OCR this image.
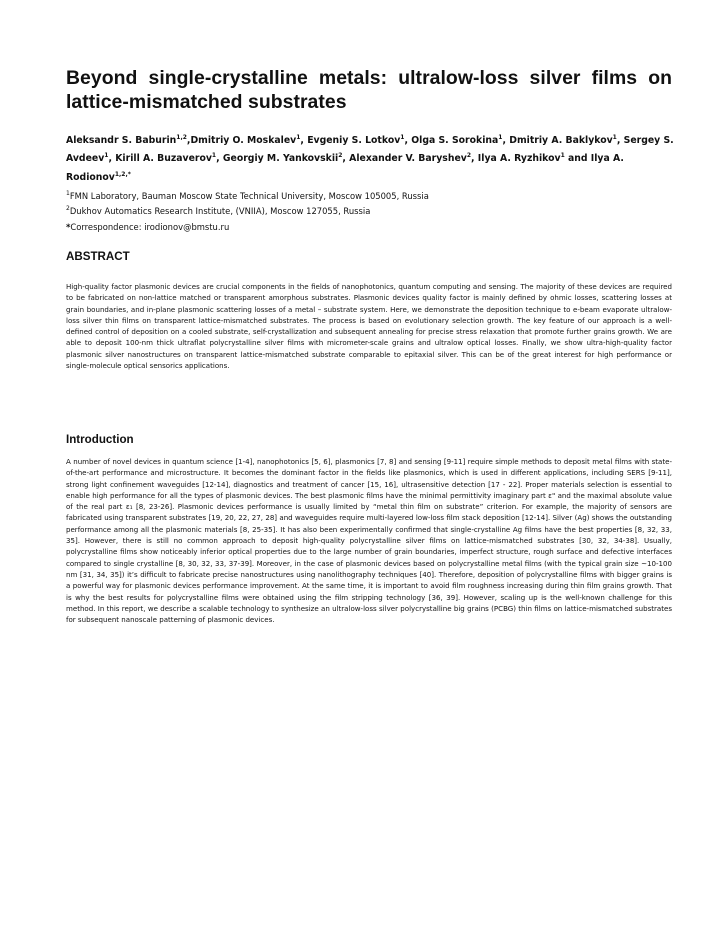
Beyond single-crystalline metals: ultralow-loss silver films on lattice-mismatched substrates

Aleksandr S. Baburin$^{1,2}$,Dmitriy O. Moskalev$^1$, Evgeniy S. Lotkov$^1$, Olga S. Sorokina$^1$, Dmitriy A. Baklykov$^1$, Sergey S. Avdeev$^1$, Kirill A. Buzaverov$^1$, Georgiy M. Yankovskii$^2$, Alexander V. Baryshev$^2$, Ilya A. Ryzhikov$^1$ and Ilya A. Rodionov$^{1,2,*}$

$^1$FMN Laboratory, Bauman Moscow State Technical University, Moscow 105005, Russia

$^2$Dukhov Automatics Research Institute, (VNIIA), Moscow 127055, Russia

*Correspondence: irodionov@bmstu.ru

ABSTRACT

High-quality factor plasmonic devices are crucial components in the fields of nanophotonics, quantum computing and sensing. The majority of these devices are required to be fabricated on non-lattice matched or transparent amorphous substrates. Plasmonic devices quality factor is mainly defined by ohmic losses, scattering losses at grain boundaries, and in-plane plasmonic scattering losses of a metal – substrate system. Here, we demonstrate the deposition technique to e-beam evaporate ultralow-loss silver thin films on transparent lattice-mismatched substrates. The process is based on evolutionary selection growth. The key feature of our approach is a well-defined control of deposition on a cooled substrate, self-crystallization and subsequent annealing for precise stress relaxation that promote further grains growth. We are able to deposit 100-nm thick ultraflat polycrystalline silver films with micrometer-scale grains and ultralow optical losses. Finally, we show ultra-high-quality factor plasmonic silver nanostructures on transparent lattice-mismatched substrate comparable to epitaxial silver. This can be of the great interest for high performance or single-molecule optical sensorics applications.

Introduction

A number of novel devices in quantum science [1-4], nanophotonics [5, 6], plasmonics [7, 8] and sensing [9-11] require simple methods to deposit metal films with state-of-the-art performance and microstructure. It becomes the dominant factor in the fields like plasmonics, which is used in different applications, including SERS [9-11], strong light confinement waveguides [12-14], diagnostics and treatment of cancer [15, 16], ultrasensitive detection [17 - 22]. Proper materials selection is essential to enable high performance for all the types of plasmonic devices. The best plasmonic films have the minimal permittivity imaginary part ε" and the maximal absolute value of the real part ε₁ [8, 23-26]. Plasmonic devices performance is usually limited by “metal thin film on substrate” criterion. For example, the majority of sensors are fabricated using transparent substrates [19, 20, 22, 27, 28] and waveguides require multi-layered low-loss film stack deposition [12-14]. Silver (Ag) shows the outstanding performance among all the plasmonic materials [8, 25-35]. It has also been experimentally confirmed that single-crystalline Ag films have the best properties [8, 32, 33, 35]. However, there is still no common approach to deposit high-quality polycrystalline silver films on lattice-mismatched substrates [30, 32, 34-38]. Usually, polycrystalline films show noticeably inferior optical properties due to the large number of grain boundaries, imperfect structure, rough surface and defective interfaces compared to single crystalline [8, 30, 32, 33, 37-39]. Moreover, in the case of plasmonic devices based on polycrystalline metal films (with the typical grain size ~10-100 nm [31, 34, 35]) it’s difficult to fabricate precise nanostructures using nanolithography techniques [40]. Therefore, deposition of polycrystalline films with bigger grains is a powerful way for plasmonic devices performance improvement. At the same time, it is important to avoid film roughness increasing during thin film grains growth. That is why the best results for polycrystalline films were obtained using the film stripping technology [36, 39]. However, scaling up is the well-known challenge for this method. In this report, we describe a scalable technology to synthesize an ultralow-loss silver polycrystalline big grains (PCBG) thin films on lattice-mismatched substrates for subsequent nanoscale patterning of plasmonic devices.
